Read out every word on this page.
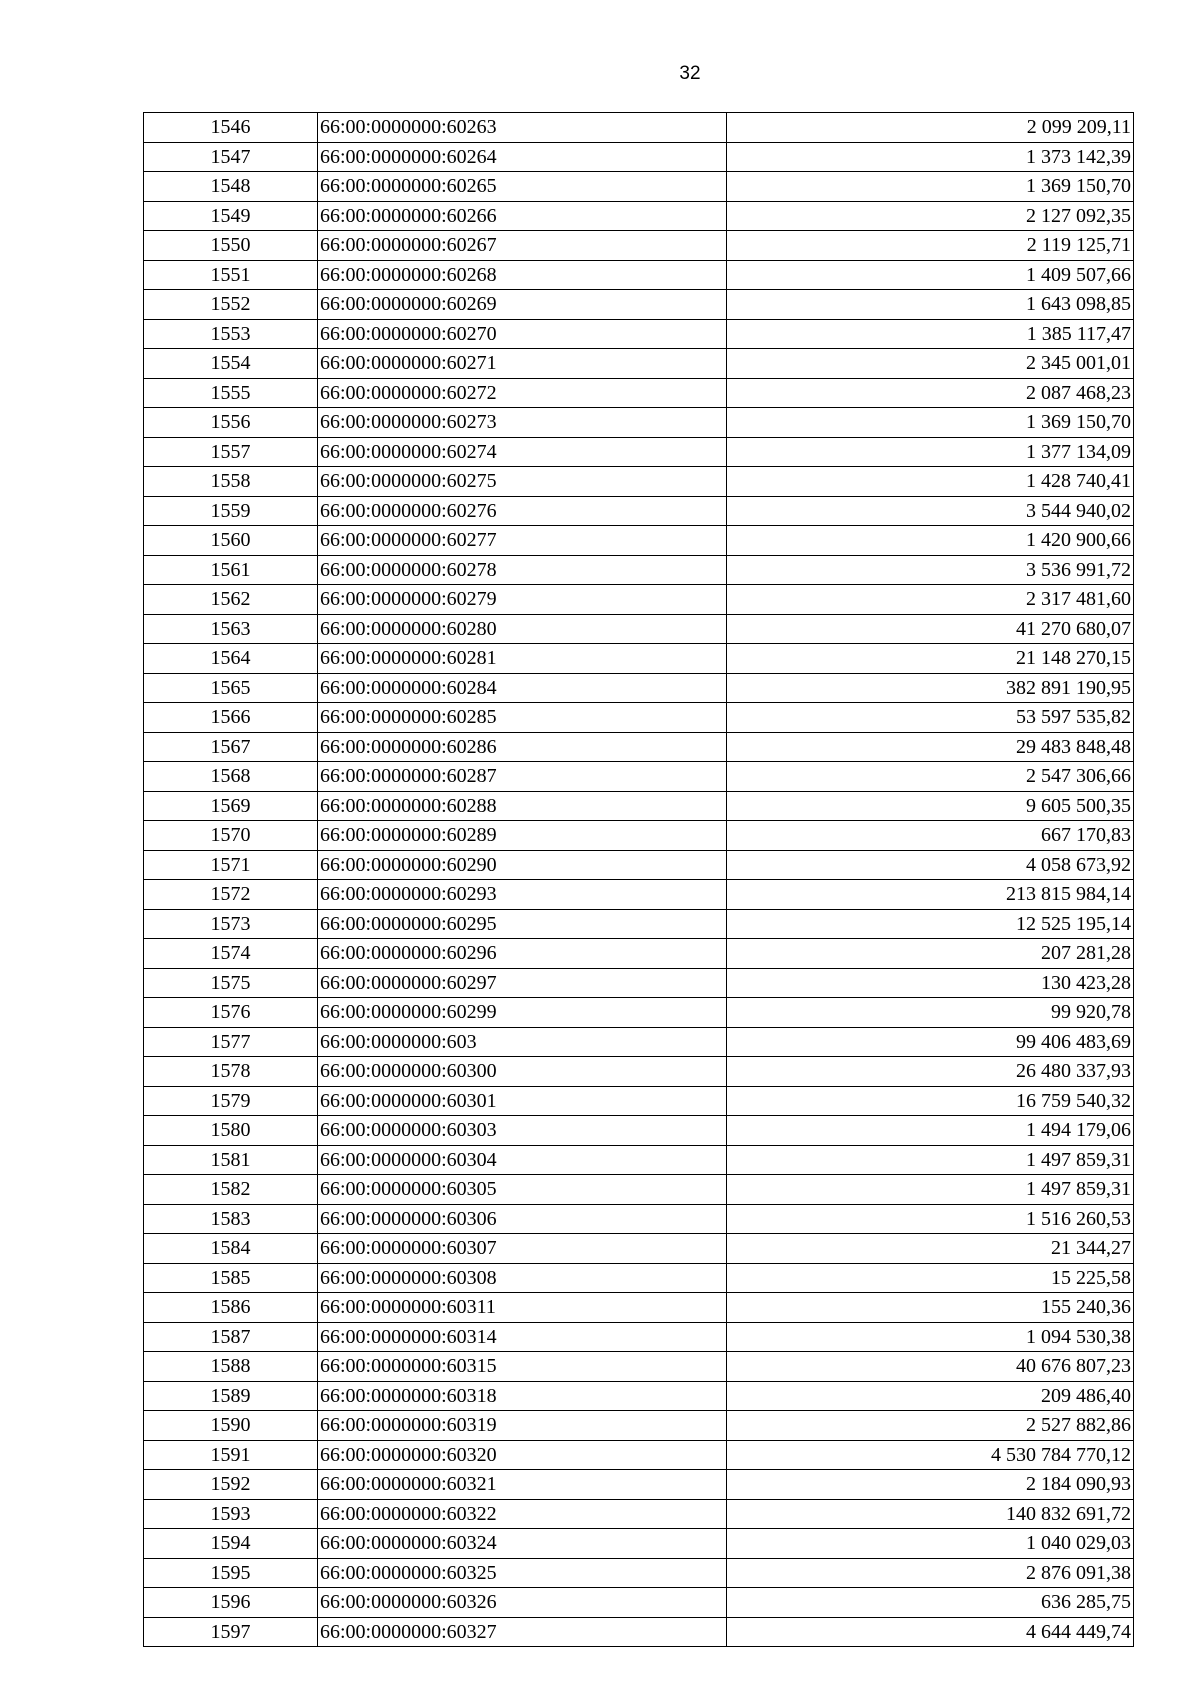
32
1546	66:00:0000000:60263	2 099 209,11
1547	66:00:0000000:60264	1 373 142,39
1548	66:00:0000000:60265	1 369 150,70
1549	66:00:0000000:60266	2 127 092,35
1550	66:00:0000000:60267	2 119 125,71
1551	66:00:0000000:60268	1 409 507,66
1552	66:00:0000000:60269	1 643 098,85
1553	66:00:0000000:60270	1 385 117,47
1554	66:00:0000000:60271	2 345 001,01
1555	66:00:0000000:60272	2 087 468,23
1556	66:00:0000000:60273	1 369 150,70
1557	66:00:0000000:60274	1 377 134,09
1558	66:00:0000000:60275	1 428 740,41
1559	66:00:0000000:60276	3 544 940,02
1560	66:00:0000000:60277	1 420 900,66
1561	66:00:0000000:60278	3 536 991,72
1562	66:00:0000000:60279	2 317 481,60
1563	66:00:0000000:60280	41 270 680,07
1564	66:00:0000000:60281	21 148 270,15
1565	66:00:0000000:60284	382 891 190,95
1566	66:00:0000000:60285	53 597 535,82
1567	66:00:0000000:60286	29 483 848,48
1568	66:00:0000000:60287	2 547 306,66
1569	66:00:0000000:60288	9 605 500,35
1570	66:00:0000000:60289	667 170,83
1571	66:00:0000000:60290	4 058 673,92
1572	66:00:0000000:60293	213 815 984,14
1573	66:00:0000000:60295	12 525 195,14
1574	66:00:0000000:60296	207 281,28
1575	66:00:0000000:60297	130 423,28
1576	66:00:0000000:60299	99 920,78
1577	66:00:0000000:603	99 406 483,69
1578	66:00:0000000:60300	26 480 337,93
1579	66:00:0000000:60301	16 759 540,32
1580	66:00:0000000:60303	1 494 179,06
1581	66:00:0000000:60304	1 497 859,31
1582	66:00:0000000:60305	1 497 859,31
1583	66:00:0000000:60306	1 516 260,53
1584	66:00:0000000:60307	21 344,27
1585	66:00:0000000:60308	15 225,58
1586	66:00:0000000:60311	155 240,36
1587	66:00:0000000:60314	1 094 530,38
1588	66:00:0000000:60315	40 676 807,23
1589	66:00:0000000:60318	209 486,40
1590	66:00:0000000:60319	2 527 882,86
1591	66:00:0000000:60320	4 530 784 770,12
1592	66:00:0000000:60321	2 184 090,93
1593	66:00:0000000:60322	140 832 691,72
1594	66:00:0000000:60324	1 040 029,03
1595	66:00:0000000:60325	2 876 091,38
1596	66:00:0000000:60326	636 285,75
1597	66:00:0000000:60327	4 644 449,74
